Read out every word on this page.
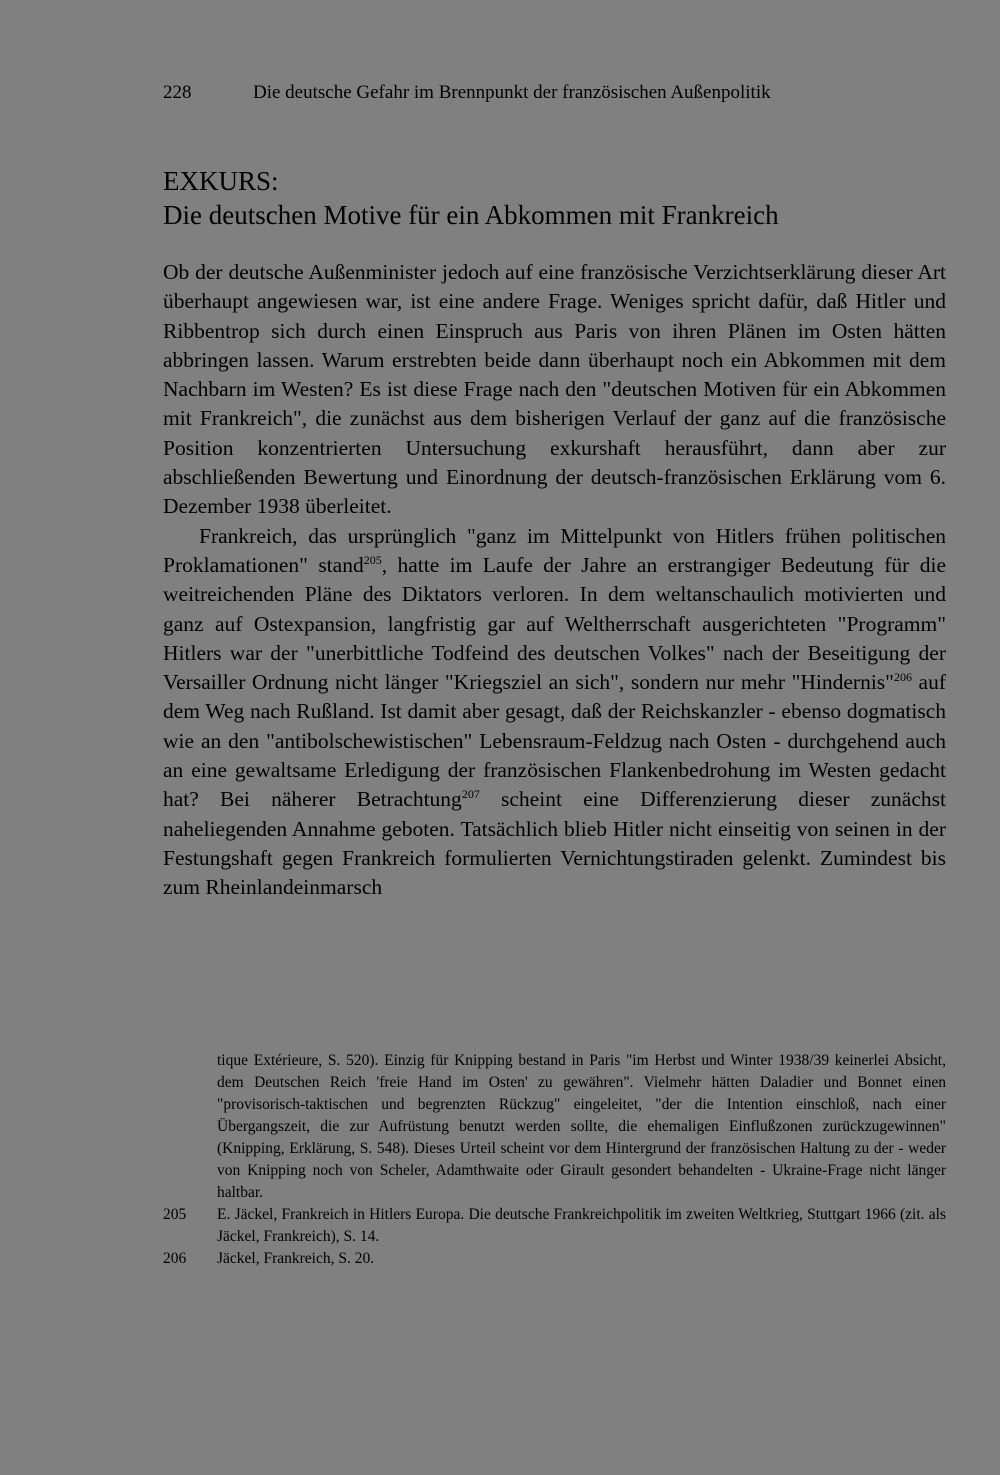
228	Die deutsche Gefahr im Brennpunkt der französischen Außenpolitik
EXKURS:
Die deutschen Motive für ein Abkommen mit Frankreich

Ob der deutsche Außenminister jedoch auf eine französische Verzichtserklärung dieser Art überhaupt angewiesen war, ist eine andere Frage. Weniges spricht dafür, daß Hitler und Ribbentrop sich durch einen Einspruch aus Paris von ihren Plänen im Osten hätten abbringen lassen. Warum erstrebten beide dann überhaupt noch ein Abkommen mit dem Nachbarn im Westen? Es ist diese Frage nach den "deutschen Motiven für ein Abkommen mit Frankreich", die zunächst aus dem bisherigen Verlauf der ganz auf die französische Position konzentrierten Untersuchung exkurshaft herausführt, dann aber zur abschließenden Bewertung und Einordnung der deutsch-französischen Erklärung vom 6. Dezember 1938 überleitet.

Frankreich, das ursprünglich "ganz im Mittelpunkt von Hitlers frühen politischen Proklamationen" stand$^{205}$, hatte im Laufe der Jahre an erstrangiger Bedeutung für die weitreichenden Pläne des Diktators verloren. In dem weltanschaulich motivierten und ganz auf Ostexpansion, langfristig gar auf Weltherrschaft ausgerichteten "Programm" Hitlers war der "unerbittliche Todfeind des deutschen Volkes" nach der Beseitigung der Versailler Ordnung nicht länger "Kriegsziel an sich", sondern nur mehr "Hindernis"$^{206}$ auf dem Weg nach Rußland. Ist damit aber gesagt, daß der Reichskanzler - ebenso dogmatisch wie an den "antibolschewistischen" Lebensraum-Feldzug nach Osten - durchgehend auch an eine gewaltsame Erledigung der französischen Flankenbedrohung im Westen gedacht hat? Bei näherer Betrachtung$^{207}$ scheint eine Differenzierung dieser zunächst naheliegenden Annahme geboten. Tatsächlich blieb Hitler nicht einseitig von seinen in der Festungshaft gegen Frankreich formulierten Vernichtungstiraden gelenkt. Zumindest bis zum Rheinlandeinmarsch

tique Extérieure, S. 520). Einzig für Knipping bestand in Paris "im Herbst und Winter 1938/39 keinerlei Absicht, dem Deutschen Reich 'freie Hand im Osten' zu gewähren". Vielmehr hätten Daladier und Bonnet einen "provisorisch-taktischen und begrenzten Rückzug" eingeleitet, "der die Intention einschloß, nach einer Übergangszeit, die zur Aufrüstung benutzt werden sollte, die ehemaligen Einflußzonen zurückzugewinnen" (Knipping, Erklärung, S. 548). Dieses Urteil scheint vor dem Hintergrund der französischen Haltung zu der - weder von Knipping noch von Scheler, Adamthwaite oder Girault gesondert behandelten - Ukraine-Frage nicht länger haltbar.
205	E. Jäckel, Frankreich in Hitlers Europa. Die deutsche Frankreichpolitik im zweiten Weltkrieg, Stuttgart 1966 (zit. als Jäckel, Frankreich), S. 14.
206	Jäckel, Frankreich, S. 20.
